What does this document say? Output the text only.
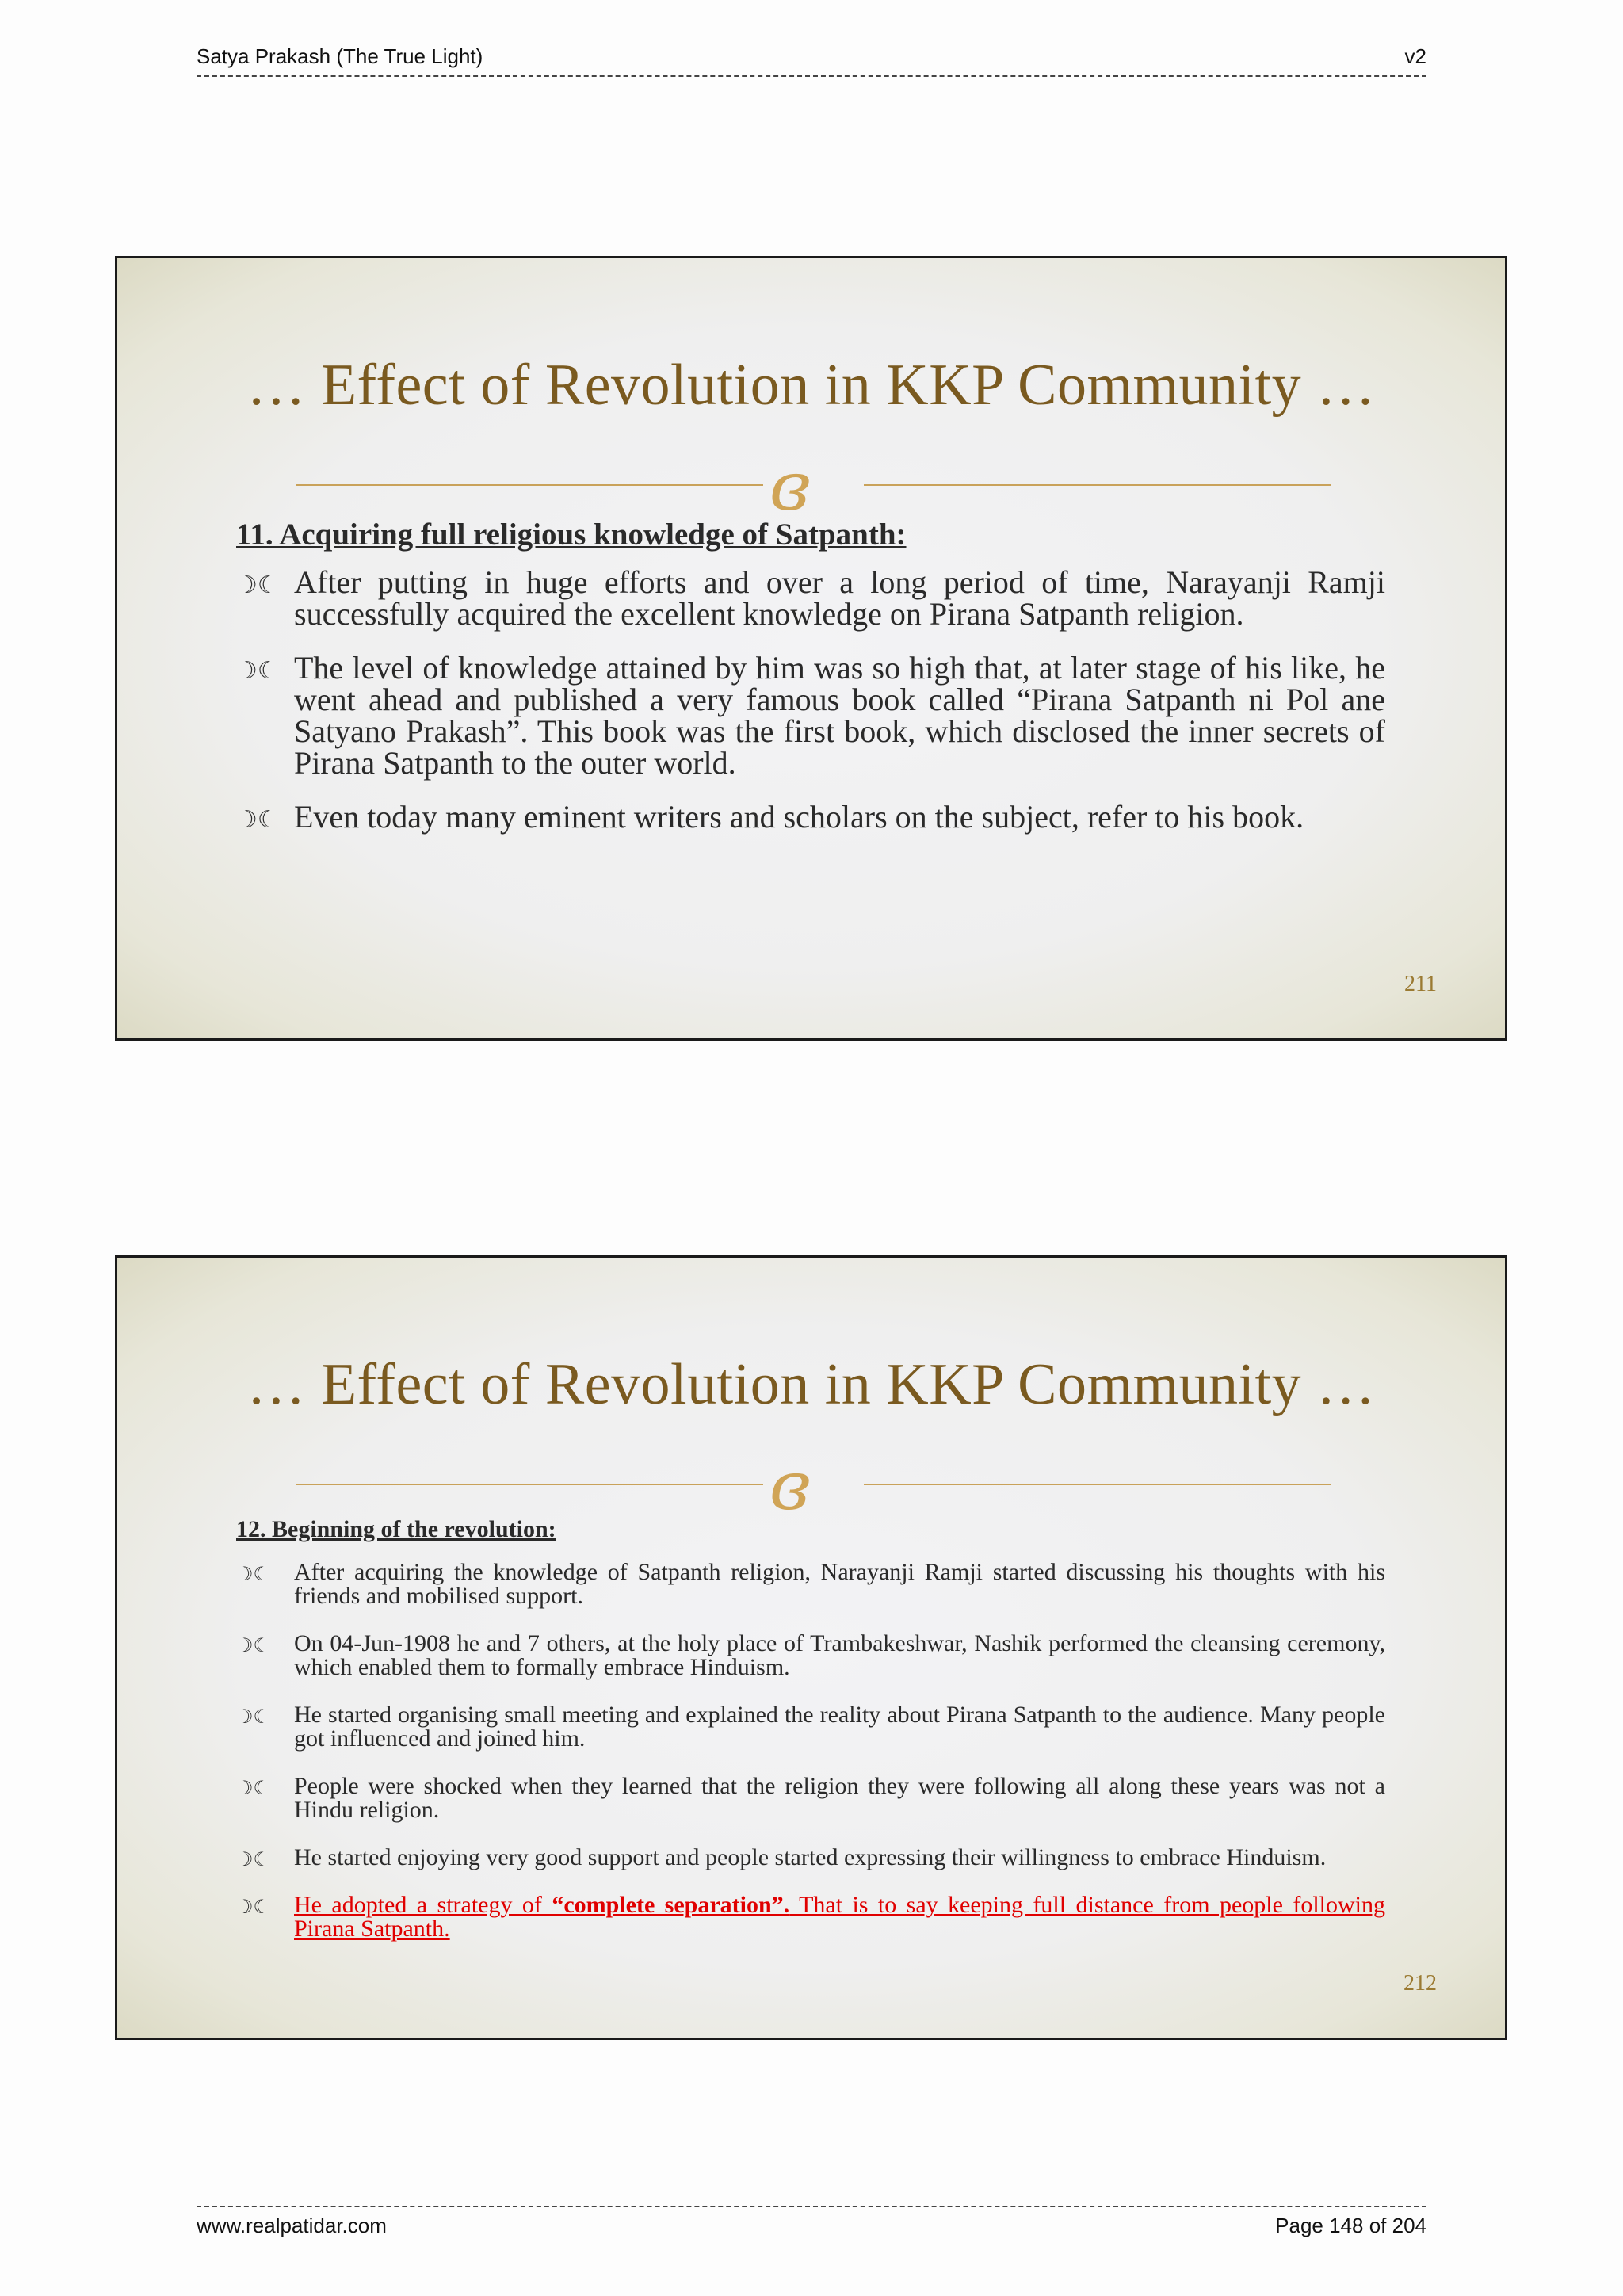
Satya Prakash (The True Light)	v2
… Effect of Revolution in KKP Community …
ɞ

11. Acquiring full religious knowledge of Satpanth:

☽☾ After putting in huge efforts and over a long period of time, Narayanji Ramji successfully acquired the excellent knowledge on Pirana Satpanth religion.
☽☾ The level of knowledge attained by him was so high that, at later stage of his like, he went ahead and published a very famous book called “Pirana Satpanth ni Pol ane Satyano Prakash”. This book was the first book, which disclosed the inner secrets of Pirana Satpanth to the outer world.
☽☾ Even today many eminent writers and scholars on the subject, refer to his book.
211
… Effect of Revolution in KKP Community …
ɞ

12. Beginning of the revolution:

☽☾ After acquiring the knowledge of Satpanth religion, Narayanji Ramji started discussing his thoughts with his friends and mobilised support.
☽☾ On 04-Jun-1908 he and 7 others, at the holy place of Trambakeshwar, Nashik performed the cleansing ceremony, which enabled them to formally embrace Hinduism.
☽☾ He started organising small meeting and explained the reality about Pirana Satpanth to the audience. Many people got influenced and joined him.
☽☾ People were shocked when they learned that the religion they were following all along these years was not a Hindu religion.
☽☾ He started enjoying very good support and people started expressing their willingness to embrace Hinduism.
☽☾ He adopted a strategy of “complete separation”. That is to say keeping full distance from people following Pirana Satpanth.
212
www.realpatidar.com	Page 148 of 204
